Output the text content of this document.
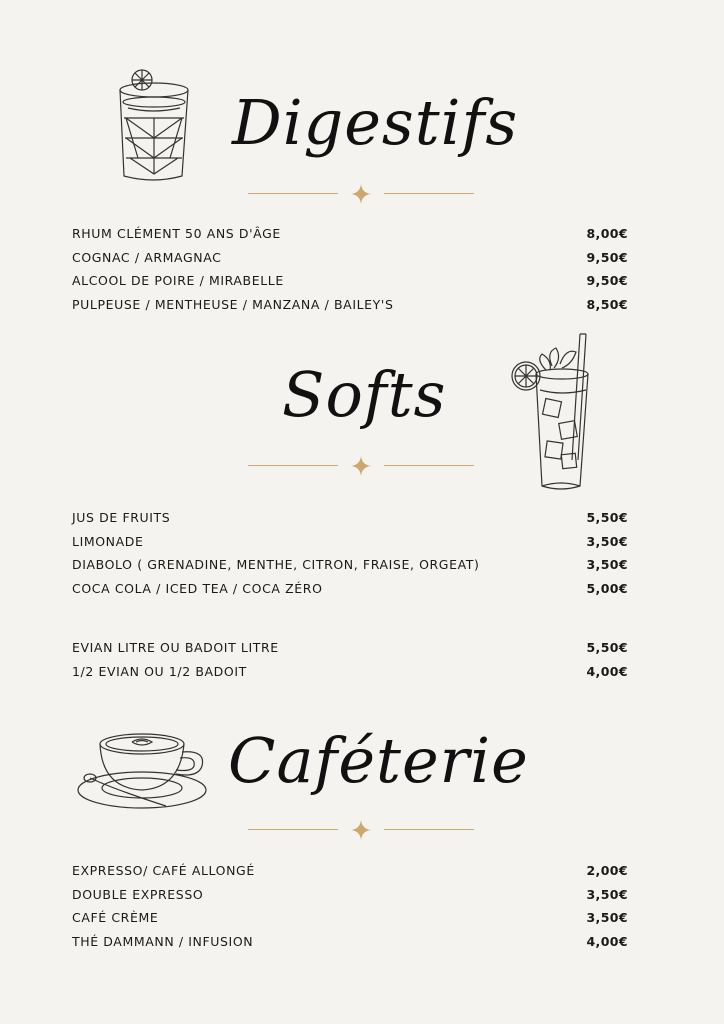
Digestifs
RHUM CLÉMENT 50 ANS D'ÂGE	8,00€
COGNAC / ARMAGNAC	9,50€
ALCOOL DE POIRE / MIRABELLE	9,50€
PULPEUSE / MENTHEUSE / MANZANA / BAILEY'S	8,50€
Softs
JUS DE FRUITS	5,50€
LIMONADE	3,50€
DIABOLO ( GRENADINE, MENTHE, CITRON, FRAISE, ORGEAT)	3,50€
COCA COLA / ICED TEA / COCA ZÉRO	5,00€
EVIAN LITRE OU BADOIT LITRE	5,50€
1/2 EVIAN OU 1/2 BADOIT	4,00€
Caféterie
EXPRESSO/ CAFÉ ALLONGÉ	2,00€
DOUBLE EXPRESSO	3,50€
CAFÉ CRÈME	3,50€
THÉ DAMMANN / INFUSION	4,00€
